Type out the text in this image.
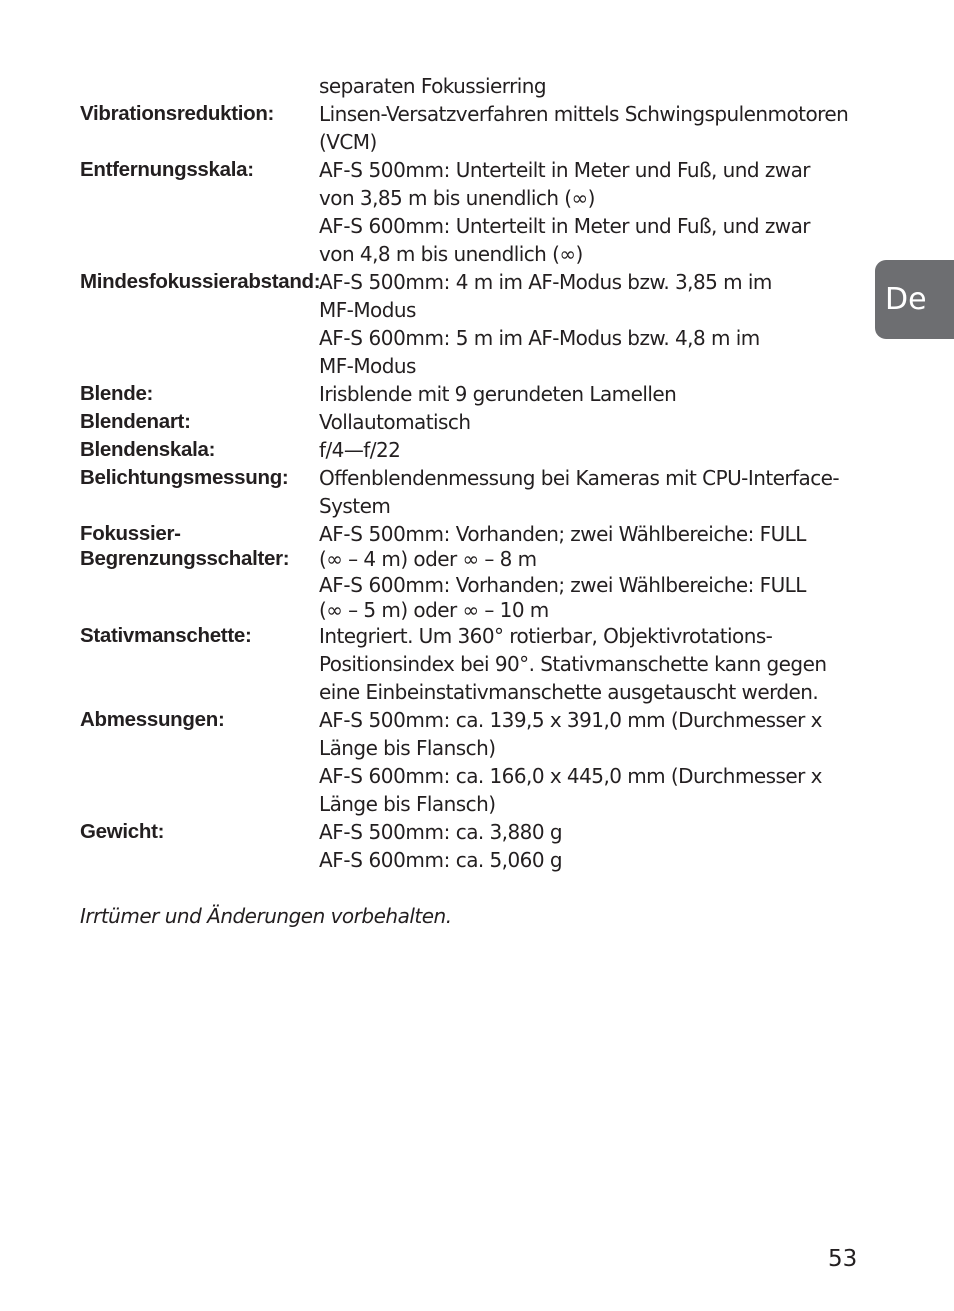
separaten Fokussierring
Vibrationsreduktion: Linsen-Versatzverfahren mittels Schwingspulenmotoren
(VCM)
Entfernungsskala:	AF-S 500mm: Unterteilt in Meter und Fuß, und zwar
von 3,85 m bis unendlich (∞)
AF-S 600mm: Unterteilt in Meter und Fuß, und zwar
von 4,8 m bis unendlich (∞)
Mindesfokussierabstand:
AF-S 500mm: 4 m im AF-Modus bzw. 3,85 m im
MF-Modus
AF-S 600mm: 5 m im AF-Modus bzw. 4,8 m im
MF-Modus
Blende:	Irisblende mit 9 gerundeten Lamellen
Blendenart:	Vollautomatisch
Blendenskala:	f/4—f/22
Belichtungsmessung: Offenblendenmessung bei Kameras mit CPU-Interface-
System
Fokussier-	AF-S 500mm: Vorhanden; zwei Wählbereiche: FULL
Begrenzungsschalter: (∞ – 4 m) oder ∞ – 8 m
AF-S 600mm: Vorhanden; zwei Wählbereiche: FULL
(∞ – 5 m) oder ∞ – 10 m
Stativmanschette:	Integriert. Um 360° rotierbar, Objektivrotations-
Positionsindex bei 90°. Stativmanschette kann gegen
eine Einbeinstativmanschette ausgetauscht werden.
Abmessungen:	AF-S 500mm: ca. 139,5 x 391,0 mm (Durchmesser x
Länge bis Flansch)
AF-S 600mm: ca. 166,0 x 445,0 mm (Durchmesser x
Länge bis Flansch)
Gewicht:	AF-S 500mm: ca. 3,880 g
AF-S 600mm: ca. 5,060 g
Irrtümer und Änderungen vorbehalten.
De
53
